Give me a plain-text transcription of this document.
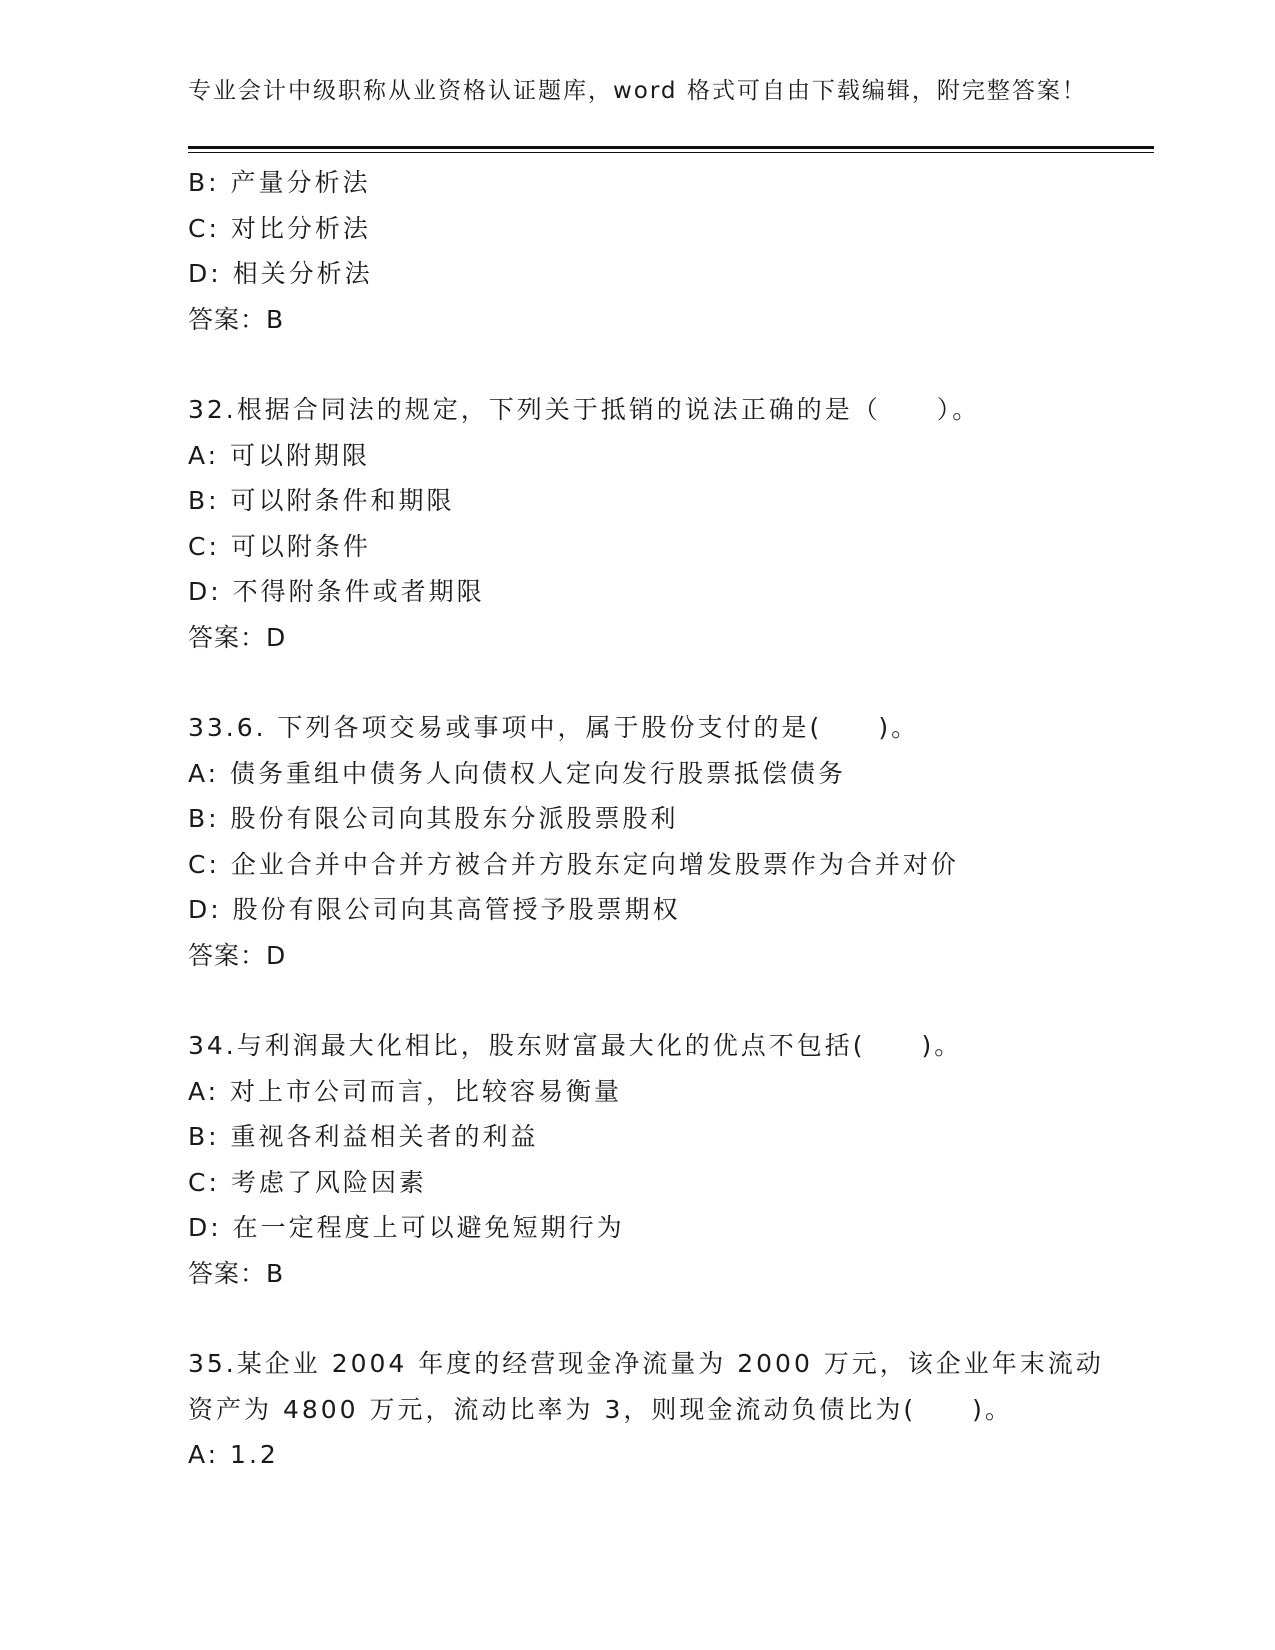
专业会计中级职称从业资格认证题库，word 格式可自由下载编辑，附完整答案！
B: 产量分析法
C: 对比分析法
D: 相关分析法
答案：B
32.根据合同法的规定，下列关于抵销的说法正确的是（　　）。
A: 可以附期限
B: 可以附条件和期限
C: 可以附条件
D: 不得附条件或者期限
答案：D
33.6. 下列各项交易或事项中，属于股份支付的是(　　)。
A: 债务重组中债务人向债权人定向发行股票抵偿债务
B: 股份有限公司向其股东分派股票股利
C: 企业合并中合并方被合并方股东定向增发股票作为合并对价
D: 股份有限公司向其高管授予股票期权
答案：D
34.与利润最大化相比，股东财富最大化的优点不包括(　　)。
A: 对上市公司而言，比较容易衡量
B: 重视各利益相关者的利益
C: 考虑了风险因素
D: 在一定程度上可以避免短期行为
答案：B
35.某企业 2004 年度的经营现金净流量为 2000 万元，该企业年末流动
资产为 4800 万元，流动比率为 3，则现金流动负债比为(　　)。
A: 1.2
